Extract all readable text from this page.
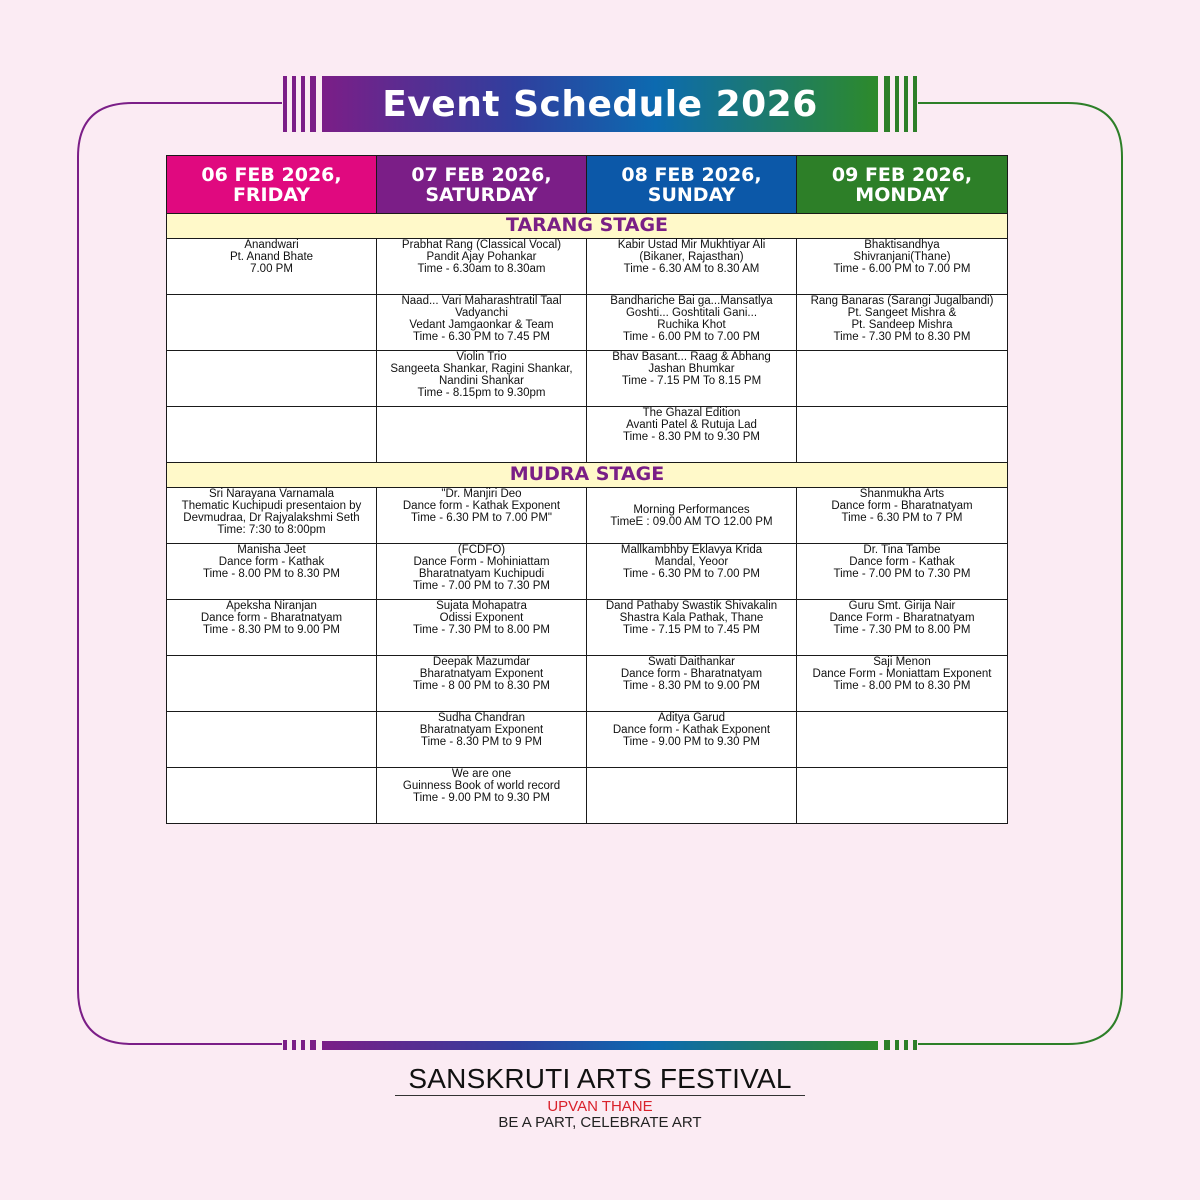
Event Schedule 2026
06 FEB 2026,
FRIDAY	07 FEB 2026,
SATURDAY	08 FEB 2026,
SUNDAY	09 FEB 2026,
MONDAY

TARANG STAGE			

Anandwari
Pt. Anand Bhate
7.00 PM	Prabhat Rang (Classical Vocal)
Pandit Ajay Pohankar
Time - 6.30am to 8.30am	Kabir Ustad Mir Mukhtiyar Ali
(Bikaner, Rajasthan)
Time - 6.30 AM to 8.30 AM	Bhaktisandhya
Shivranjani(Thane)
Time - 6.00 PM to 7.00 PM

	Naad... Vari Maharashtratil Taal
Vadyanchi
Vedant Jamgaonkar & Team
Time - 6.30 PM to 7.45 PM	Bandhariche Bai ga...Mansatlya
Goshti... Goshtitali Gani...
Ruchika Khot
Time - 6.00 PM to 7.00 PM	Rang Banaras (Sarangi Jugalbandi)
Pt. Sangeet Mishra &
Pt. Sandeep Mishra
Time - 7.30 PM to 8.30 PM

	Violin Trio
Sangeeta Shankar, Ragini Shankar,
Nandini Shankar
Time - 8.15pm to 9.30pm	Bhav Basant... Raag & Abhang
Jashan Bhumkar
Time - 7.15 PM To 8.15 PM	

		The Ghazal Edition
Avanti Patel & Rutuja Lad
Time - 8.30 PM to 9.30 PM	

MUDRA STAGE			

Sri Narayana Varnamala
Thematic Kuchipudi presentaion by
Devmudraa, Dr Rajyalakshmi Seth
Time: 7:30 to 8:00pm	"Dr. Manjiri Deo
Dance form - Kathak Exponent
Time - 6.30 PM to 7.00 PM"	Morning Performances
TimeE : 09.00 AM TO 12.00 PM	Shanmukha Arts
Dance form - Bharatnatyam
Time - 6.30 PM to 7 PM

Manisha Jeet
Dance form - Kathak
Time - 8.00 PM to 8.30 PM	(FCDFO)
Dance Form - Mohiniattam
Bharatnatyam Kuchipudi
Time - 7.00 PM to 7.30 PM	Mallkambhby Eklavya Krida
Mandal, Yeoor
Time - 6.30 PM to 7.00 PM	Dr. Tina Tambe
Dance form - Kathak
Time - 7.00 PM to 7.30 PM

Apeksha Niranjan
Dance form - Bharatnatyam
Time - 8.30 PM to 9.00 PM	Sujata Mohapatra
Odissi Exponent
Time - 7.30 PM to 8.00 PM	Dand Pathaby Swastik Shivakalin
Shastra Kala Pathak, Thane
Time - 7.15 PM to 7.45 PM	Guru Smt. Girija Nair
Dance Form - Bharatnatyam
Time - 7.30 PM to 8.00 PM

	Deepak Mazumdar
Bharatnatyam Exponent
Time - 8 00 PM to 8.30 PM	Swati Daithankar
Dance form - Bharatnatyam
Time - 8.30 PM to 9.00 PM	Saji Menon
Dance Form - Moniattam Exponent
Time - 8.00 PM to 8.30 PM

	Sudha Chandran
Bharatnatyam Exponent
Time - 8.30 PM to 9 PM	Aditya Garud
Dance form - Kathak Exponent
Time - 9.00 PM to 9.30 PM	

	We are one
Guinness Book of world record
Time - 9.00 PM to 9.30 PM		

SANSKRUTI ARTS FESTIVAL
UPVAN THANE
BE A PART, CELEBRATE ART
